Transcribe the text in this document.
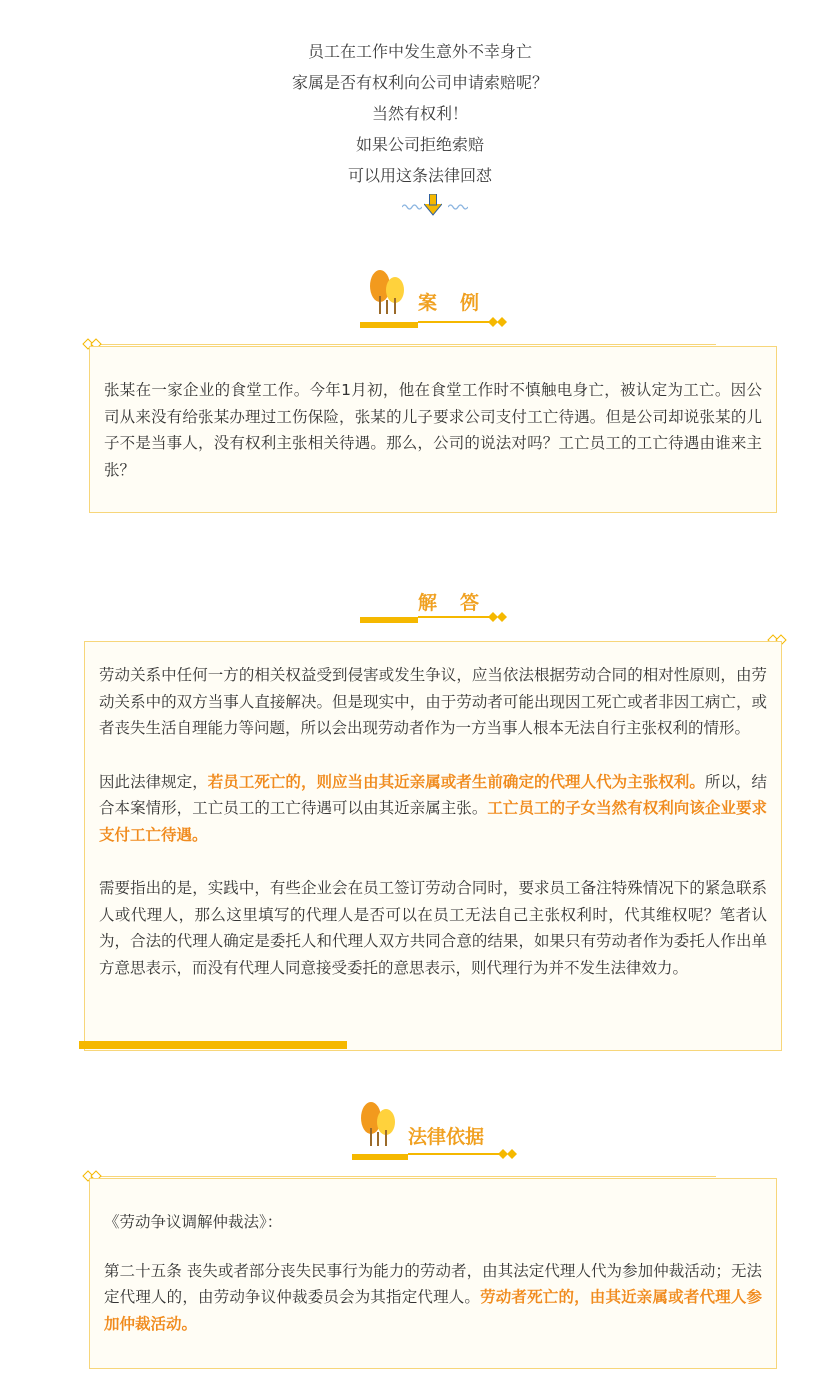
员工在工作中发生意外不幸身亡

家属是否有权利向公司申请索赔呢？

当然有权利！

如果公司拒绝索赔

可以用这条法律回怼

案　例

张某在一家企业的食堂工作。今年1月初，他在食堂工作时不慎触电身亡，被认定为工亡。因公司从来没有给张某办理过工伤保险，张某的儿子要求公司支付工亡待遇。但是公司却说张某的儿子不是当事人，没有权利主张相关待遇。那么，公司的说法对吗？工亡员工的工亡待遇由谁来主张？

解　答

劳动关系中任何一方的相关权益受到侵害或发生争议，应当依法根据劳动合同的相对性原则，由劳动关系中的双方当事人直接解决。但是现实中，由于劳动者可能出现因工死亡或者非因工病亡，或者丧失生活自理能力等问题，所以会出现劳动者作为一方当事人根本无法自行主张权利的情形。

因此法律规定，若员工死亡的，则应当由其近亲属或者生前确定的代理人代为主张权利。所以，结合本案情形，工亡员工的工亡待遇可以由其近亲属主张。工亡员工的子女当然有权利向该企业要求支付工亡待遇。

需要指出的是，实践中，有些企业会在员工签订劳动合同时，要求员工备注特殊情况下的紧急联系人或代理人，那么这里填写的代理人是否可以在员工无法自己主张权利时，代其维权呢？笔者认为，合法的代理人确定是委托人和代理人双方共同合意的结果，如果只有劳动者作为委托人作出单方意思表示，而没有代理人同意接受委托的意思表示，则代理行为并不发生法律效力。

法律依据

《劳动争议调解仲裁法》：

第二十五条 丧失或者部分丧失民事行为能力的劳动者，由其法定代理人代为参加仲裁活动；无法定代理人的，由劳动争议仲裁委员会为其指定代理人。劳动者死亡的，由其近亲属或者代理人参加仲裁活动。
